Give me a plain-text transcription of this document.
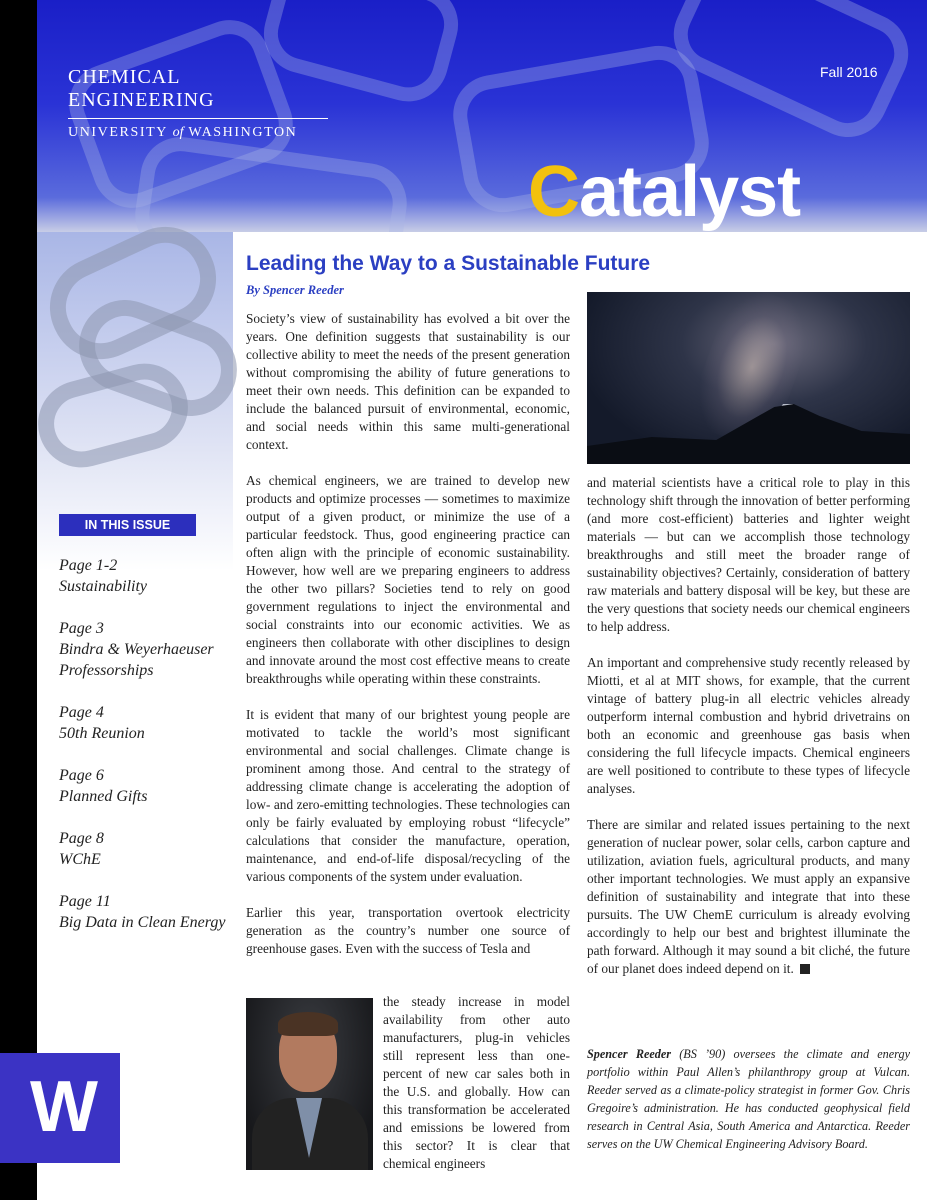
CHEMICAL ENGINEERING
UNIVERSITY of WASHINGTON
Fall 2016
Catalyst
IN THIS ISSUE
Page 1-2
Sustainability
Page 3
Bindra & Weyerhaeuser Professorships
Page 4
50th Reunion
Page 6
Planned Gifts
Page 8
WChE
Page 11
Big Data in Clean Energy
W
Leading the Way to a Sustainable Future
By Spencer Reeder

Society’s view of sustainability has evolved a bit over the years. One definition suggests that sustainability is our collective ability to meet the needs of the present generation without compromising the ability of future generations to meet their own needs. This definition can be expanded to include the balanced pursuit of environmental, economic, and social needs within this same multi-generational context.

As chemical engineers, we are trained to develop new products and optimize processes — sometimes to maximize output of a given product, or minimize the use of a particular feedstock. Thus, good engineering practice can often align with the principle of economic sustainability. However, how well are we preparing engineers to address the other two pillars? Societies tend to rely on good government regulations to inject the environmental and social constraints into our economic activities. We as engineers then collaborate with other disciplines to design and innovate around the most cost effective means to create breakthroughs while operating within these constraints.

It is evident that many of our brightest young people are motivated to tackle the world’s most significant environmental and social challenges. Climate change is prominent among those. And central to the strategy of addressing climate change is accelerating the adoption of low- and zero-emitting technologies. These technologies can only be fairly evaluated by employing robust “lifecycle” calculations that consider the manufacture, operation, maintenance, and end-of-life disposal/recycling of the various components of the system under evaluation.

Earlier this year, transportation overtook electricity generation as the country’s number one source of greenhouse gases. Even with the success of Tesla and

the steady increase in model availability from other auto manufacturers, plug-in vehicles still represent less than one-percent of new car sales both in the U.S. and globally. How can this transformation be accelerated and emissions be lowered from this sector? It is clear that chemical engineers

and material scientists have a critical role to play in this technology shift through the innovation of better performing (and more cost-efficient) batteries and lighter weight materials — but can we accomplish those technology breakthroughs and still meet the broader range of sustainability objectives? Certainly, consideration of battery raw materials and battery disposal will be key, but these are the very questions that society needs our chemical engineers to help address.

An important and comprehensive study recently released by Miotti, et al at MIT shows, for example, that the current vintage of battery plug-in all electric vehicles already outperform internal combustion and hybrid drivetrains on both an economic and greenhouse gas basis when considering the full lifecycle impacts. Chemical engineers are well positioned to contribute to these types of lifecycle analyses.

There are similar and related issues pertaining to the next generation of nuclear power, solar cells, carbon capture and utilization, aviation fuels, agricultural products, and many other important technologies. We must apply an expansive definition of sustainability and integrate that into these pursuits. The UW ChemE curriculum is already evolving accordingly to help our best and brightest illuminate the path forward. Although it may sound a bit cliché, the future of our planet does indeed depend on it.

Spencer Reeder (BS ’90) oversees the climate and energy portfolio within Paul Allen’s philanthropy group at Vulcan. Reeder served as a climate-policy strategist in former Gov. Chris Gregoire’s administration. He has conducted geophysical field research in Central Asia, South America and Antarctica. Reeder serves on the UW Chemical Engineering Advisory Board.
